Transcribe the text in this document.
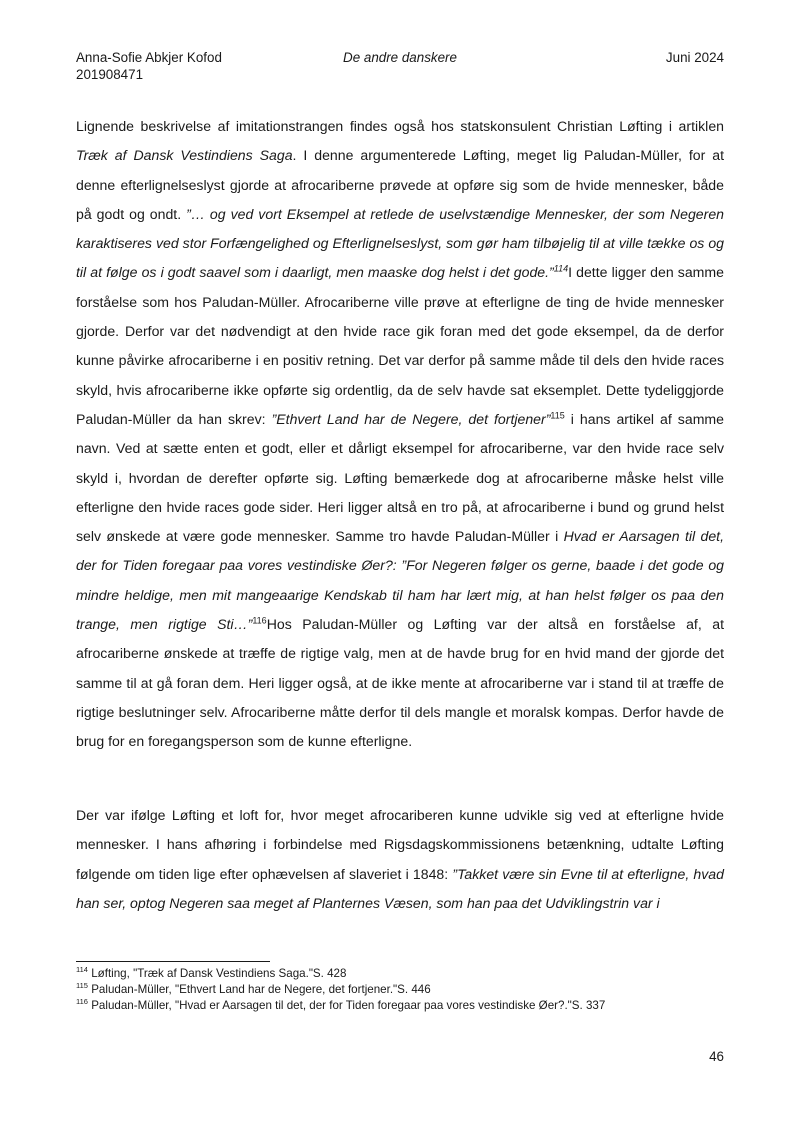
Anna-Sofie Abkjer Kofod
201908471
De andre danskere	Juni 2024

Lignende beskrivelse af imitationstrangen findes også hos statskonsulent Christian Løfting i artiklen Træk af Dansk Vestindiens Saga. I denne argumenterede Løfting, meget lig Paludan-Müller, for at denne efterlignelseslyst gjorde at afrocariberne prøvede at opføre sig som de hvide mennesker, både på godt og ondt. ”… og ved vort Eksempel at retlede de uselvstændige Mennesker, der som Negeren karaktiseres ved stor Forfængelighed og Efterlignelseslyst, som gør ham tilbøjelig til at ville tække os og til at følge os i godt saavel som i daarligt, men maaske dog helst i det gode.”$^{114}$I dette ligger den samme forståelse som hos Paludan-Müller. Afrocariberne ville prøve at efterligne de ting de hvide mennesker gjorde. Derfor var det nødvendigt at den hvide race gik foran med det gode eksempel, da de derfor kunne påvirke afrocariberne i en positiv retning. Det var derfor på samme måde til dels den hvide races skyld, hvis afrocariberne ikke opførte sig ordentlig, da de selv havde sat eksemplet. Dette tydeliggjorde Paludan-Müller da han skrev: ”Ethvert Land har de Negere, det fortjener”$^{115}$ i hans artikel af samme navn. Ved at sætte enten et godt, eller et dårligt eksempel for afrocariberne, var den hvide race selv skyld i, hvordan de derefter opførte sig. Løfting bemærkede dog at afrocariberne måske helst ville efterligne den hvide races gode sider. Heri ligger altså en tro på, at afrocariberne i bund og grund helst selv ønskede at være gode mennesker. Samme tro havde Paludan-Müller i Hvad er Aarsagen til det, der for Tiden foregaar paa vores vestindiske Øer?: ”For Negeren følger os gerne, baade i det gode og mindre heldige, men mit mangeaarige Kendskab til ham har lært mig, at han helst følger os paa den trange, men rigtige Sti…”$^{116}$Hos Paludan-Müller og Løfting var der altså en forståelse af, at afrocariberne ønskede at træffe de rigtige valg, men at de havde brug for en hvid mand der gjorde det samme til at gå foran dem. Heri ligger også, at de ikke mente at afrocariberne var i stand til at træffe de rigtige beslutninger selv. Afrocariberne måtte derfor til dels mangle et moralsk kompas. Derfor havde de brug for en foregangsperson som de kunne efterligne.

Der var ifølge Løfting et loft for, hvor meget afrocariberen kunne udvikle sig ved at efterligne hvide mennesker. I hans afhøring i forbindelse med Rigsdagskommissionens betænkning, udtalte Løfting følgende om tiden lige efter ophævelsen af slaveriet i 1848: ”Takket være sin Evne til at efterligne, hvad han ser, optog Negeren saa meget af Planternes Væsen, som han paa det Udviklingstrin var i

$^{114}$ Løfting, "Træk af Dansk Vestindiens Saga."S. 428
$^{115}$ Paludan-Müller, "Ethvert Land har de Negere, det fortjener."S. 446
$^{116}$ Paludan-Müller, "Hvad er Aarsagen til det, der for Tiden foregaar paa vores vestindiske Øer?."S. 337
46
